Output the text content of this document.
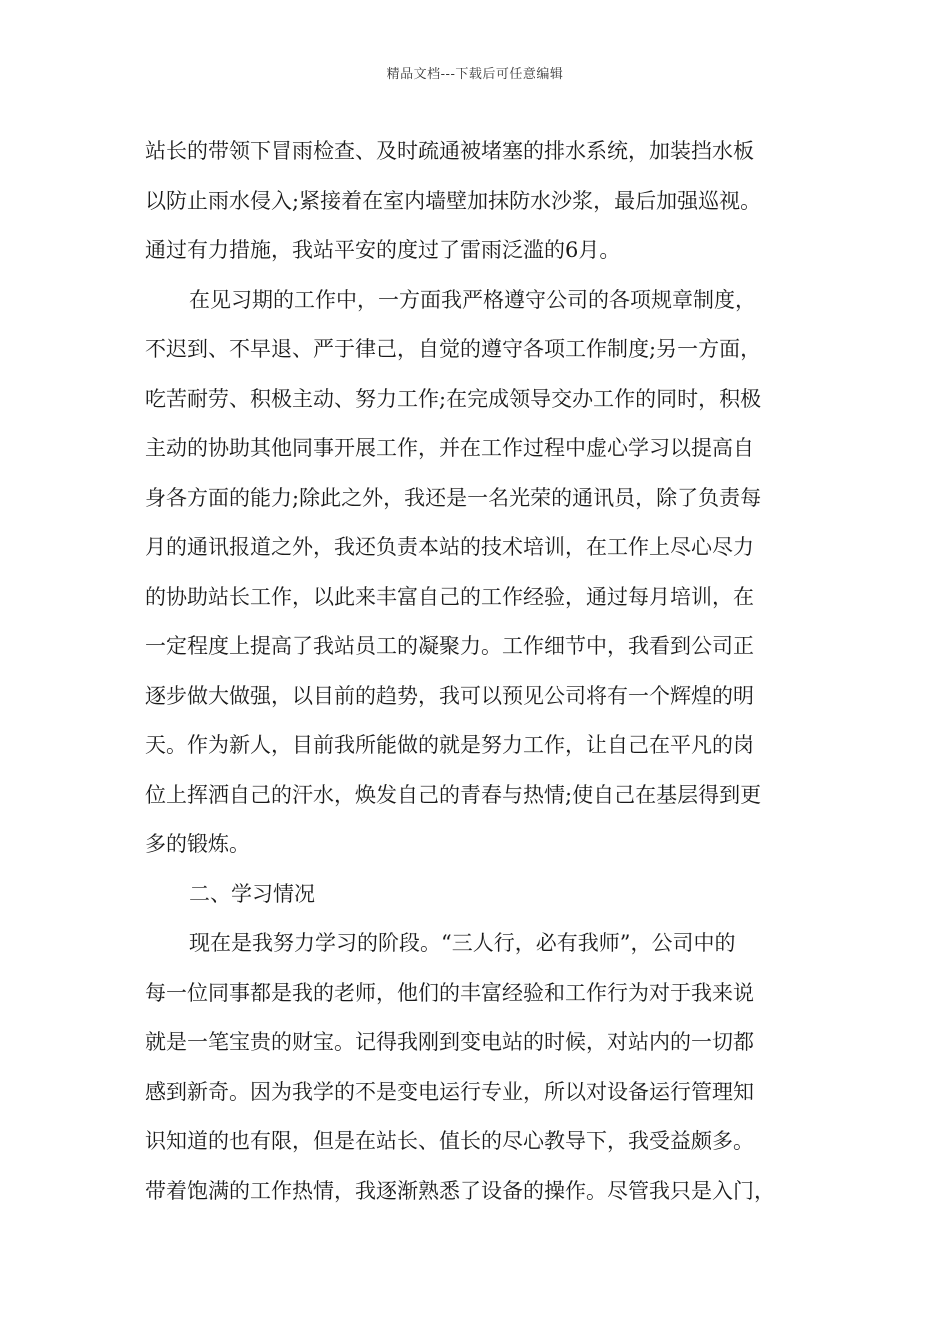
精品文档---下载后可任意编辑
站长的带领下冒雨检查、及时疏通被堵塞的排水系统，加装挡水板
以防止雨水侵入;紧接着在室内墙壁加抹防水沙浆，最后加强巡视。
通过有力措施，我站平安的度过了雷雨泛滥的6月。
在见习期的工作中，一方面我严格遵守公司的各项规章制度，
不迟到、不早退、严于律己，自觉的遵守各项工作制度;另一方面，
吃苦耐劳、积极主动、努力工作;在完成领导交办工作的同时，积极
主动的协助其他同事开展工作，并在工作过程中虚心学习以提高自
身各方面的能力;除此之外，我还是一名光荣的通讯员，除了负责每
月的通讯报道之外，我还负责本站的技术培训，在工作上尽心尽力
的协助站长工作，以此来丰富自己的工作经验，通过每月培训，在
一定程度上提高了我站员工的凝聚力。工作细节中，我看到公司正
逐步做大做强，以目前的趋势，我可以预见公司将有一个辉煌的明
天。作为新人，目前我所能做的就是努力工作，让自己在平凡的岗
位上挥洒自己的汗水，焕发自己的青春与热情;使自己在基层得到更
多的锻炼。
二、学习情况
现在是我努力学习的阶段。“三人行，必有我师”，公司中的
每一位同事都是我的老师，他们的丰富经验和工作行为对于我来说
就是一笔宝贵的财宝。记得我刚到变电站的时候，对站内的一切都
感到新奇。因为我学的不是变电运行专业，所以对设备运行管理知
识知道的也有限，但是在站长、值长的尽心教导下，我受益颇多。
带着饱满的工作热情，我逐渐熟悉了设备的操作。尽管我只是入门，
